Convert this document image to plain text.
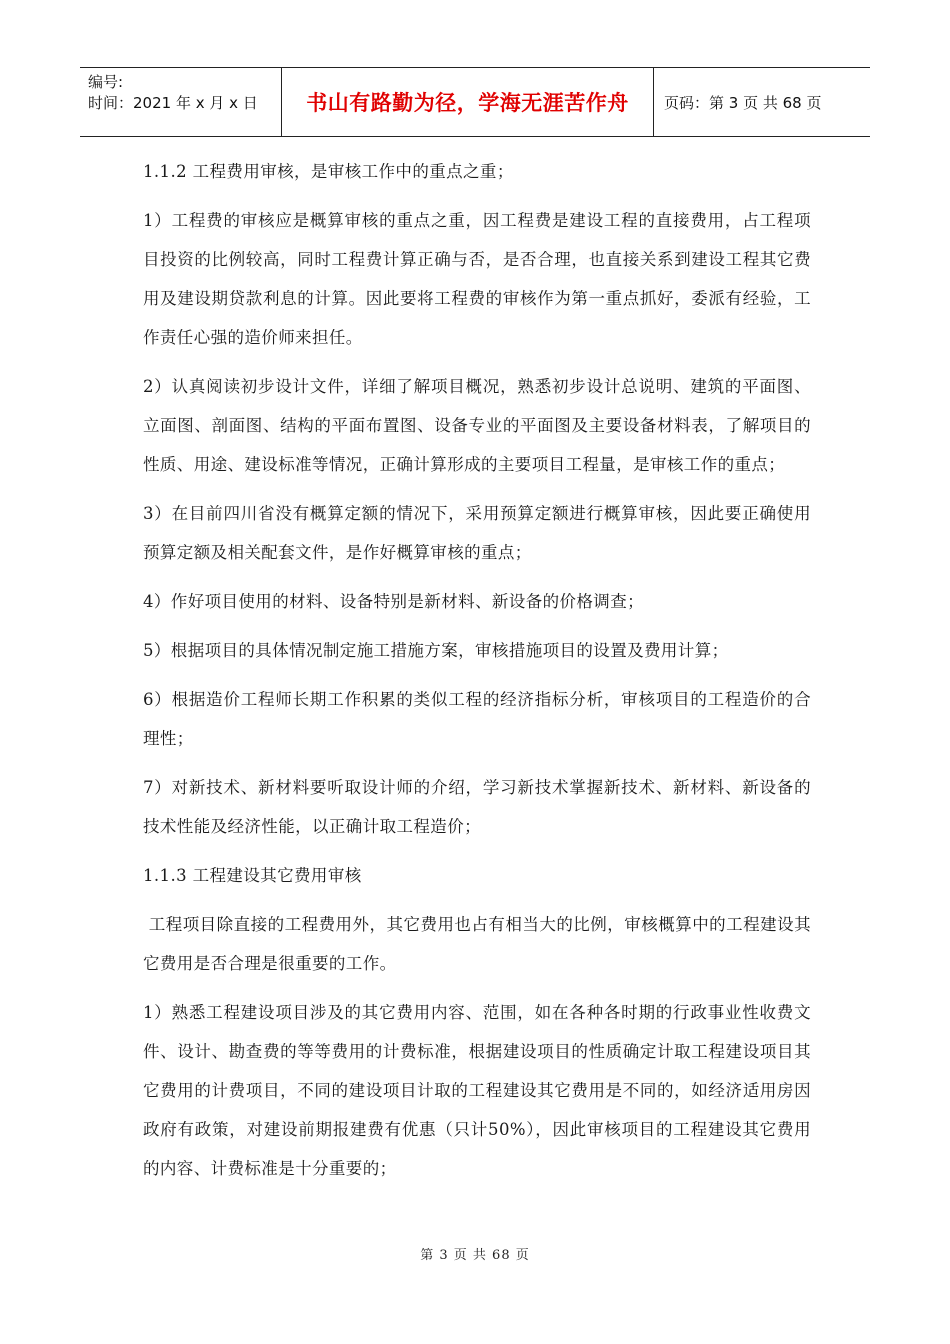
编号:
时间：2021 年 x 月 x 日	书山有路勤为径，学海无涯苦作舟	页码：第 3 页 共 68 页

1.1.2 工程费用审核，是审核工作中的重点之重；

1）工程费的审核应是概算审核的重点之重，因工程费是建设工程的直接费用，占工程项目投资的比例较高，同时工程费计算正确与否，是否合理，也直接关系到建设工程其它费用及建设期贷款利息的计算。因此要将工程费的审核作为第一重点抓好，委派有经验，工作责任心强的造价师来担任。

2）认真阅读初步设计文件，详细了解项目概况，熟悉初步设计总说明、建筑的平面图、立面图、剖面图、结构的平面布置图、设备专业的平面图及主要设备材料表，了解项目的性质、用途、建设标准等情况，正确计算形成的主要项目工程量，是审核工作的重点；

3）在目前四川省没有概算定额的情况下，采用预算定额进行概算审核，因此要正确使用预算定额及相关配套文件，是作好概算审核的重点；

4）作好项目使用的材料、设备特别是新材料、新设备的价格调查；

5）根据项目的具体情况制定施工措施方案，审核措施项目的设置及费用计算；

6）根据造价工程师长期工作积累的类似工程的经济指标分析，审核项目的工程造价的合理性；

7）对新技术、新材料要听取设计师的介绍，学习新技术掌握新技术、新材料、新设备的技术性能及经济性能，以正确计取工程造价；

1.1.3 工程建设其它费用审核

工程项目除直接的工程费用外，其它费用也占有相当大的比例，审核概算中的工程建设其它费用是否合理是很重要的工作。

1）熟悉工程建设项目涉及的其它费用内容、范围，如在各种各时期的行政事业性收费文件、设计、勘查费的等等费用的计费标准，根据建设项目的性质确定计取工程建设项目其它费用的计费项目，不同的建设项目计取的工程建设其它费用是不同的，如经济适用房因政府有政策，对建设前期报建费有优惠（只计50%），因此审核项目的工程建设其它费用的内容、计费标准是十分重要的；

第 3 页 共 68 页
